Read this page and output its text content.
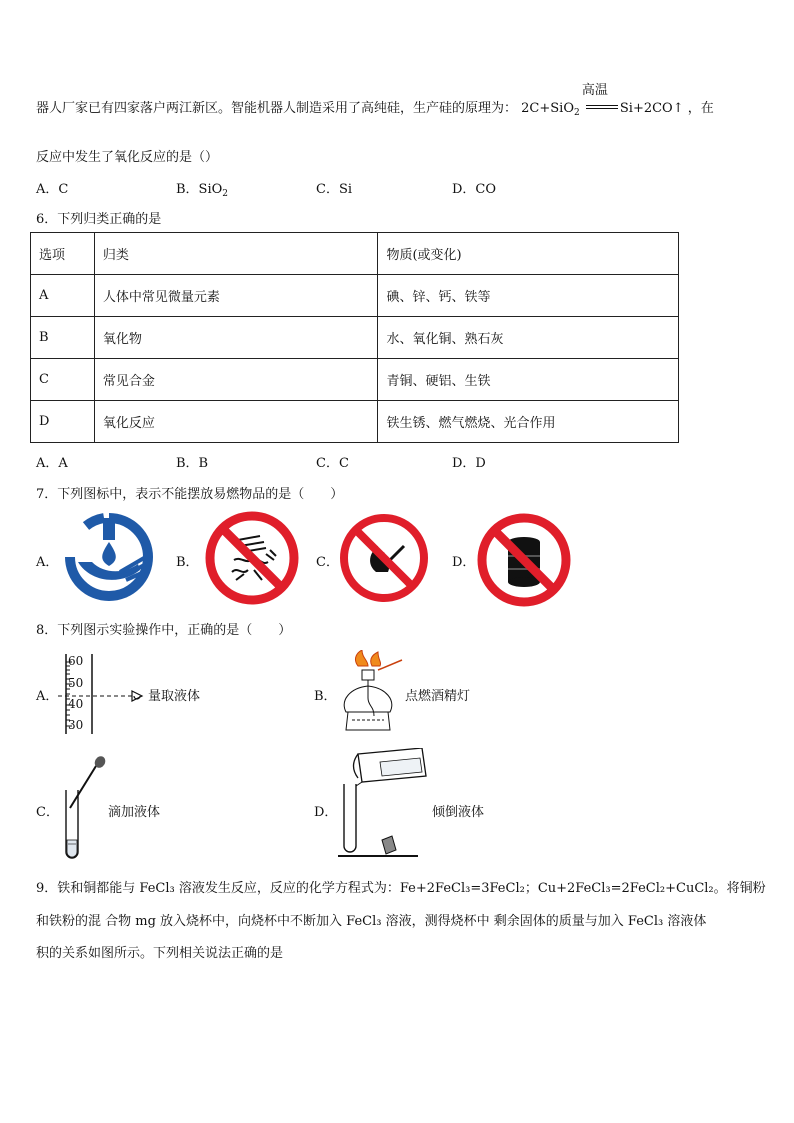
器人厂家已有四家落户两江新区。智能机器人制造采用了高纯硅，生产硅的原理为： 2C+SiO$_2$
高温
Si+2CO↑ ，在
反应中发生了氧化反应的是（）
A．C	B．SiO$_2$	C．Si	D．CO
6．下列归类正确的是
选项	归类	物质(或变化)
A	人体中常见微量元素	碘、锌、钙、铁等
B	氧化物	水、氧化铜、熟石灰
C	常见合金	青铜、硬铝、生铁
D	氧化反应	铁生锈、燃气燃烧、光合作用
A．A	B．B	C．C	D．D
7．下列图标中，表示不能摆放易燃物品的是（　　）
A．	B．	C．	D．
8．下列图示实验操作中，正确的是（　　）
A．
60
50
40
30
量取液体	B．	点燃酒精灯
C．	滴加液体	D．	倾倒液体
9．铁和铜都能与 FeCl₃ 溶液发生反应，反应的化学方程式为：Fe+2FeCl₃=3FeCl₂；Cu+2FeCl₃=2FeCl₂+CuCl₂。将铜粉
和铁粉的混 合物 mg 放入烧杯中，向烧杯中不断加入 FeCl₃ 溶液，测得烧杯中 剩余固体的质量与加入 FeCl₃ 溶液体
积的关系如图所示。下列相关说法正确的是
